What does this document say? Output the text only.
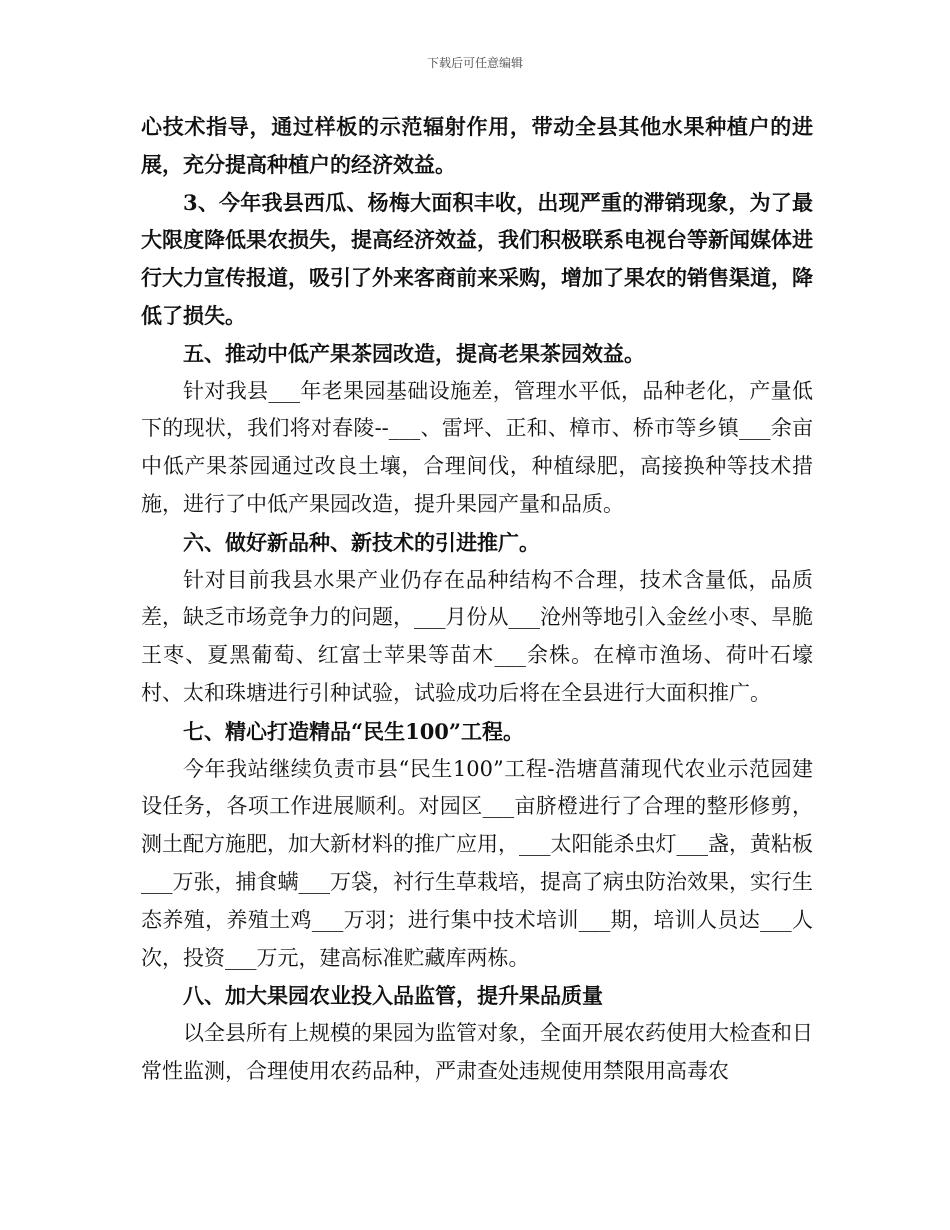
下载后可任意编辑

心技术指导，通过样板的示范辐射作用，带动全县其他水果种植户的进展，充分提高种植户的经济效益。

3、今年我县西瓜、杨梅大面积丰收，出现严重的滞销现象，为了最大限度降低果农损失，提高经济效益，我们积极联系电视台等新闻媒体进行大力宣传报道，吸引了外来客商前来采购，增加了果农的销售渠道，降低了损失。

五、推动中低产果茶园改造，提高老果茶园效益。

针对我县___年老果园基础设施差，管理水平低，品种老化，产量低下的现状，我们将对春陵--___、雷坪、正和、樟市、桥市等乡镇___余亩中低产果茶园通过改良土壤，合理间伐，种植绿肥，高接换种等技术措施，进行了中低产果园改造，提升果园产量和品质。

六、做好新品种、新技术的引进推广。

针对目前我县水果产业仍存在品种结构不合理，技术含量低，品质差，缺乏市场竞争力的问题，___月份从___沧州等地引入金丝小枣、旱脆王枣、夏黑葡萄、红富士苹果等苗木___余株。在樟市渔场、荷叶石壕村、太和珠塘进行引种试验，试验成功后将在全县进行大面积推广。

七、精心打造精品“民生100”工程。

今年我站继续负责市县“民生100”工程-浩塘菖蒲现代农业示范园建设任务，各项工作进展顺利。对园区___亩脐橙进行了合理的整形修剪，测土配方施肥，加大新材料的推广应用，___太阳能杀虫灯___盏，黄粘板___万张，捕食螨___万袋，衬行生草栽培，提高了病虫防治效果，实行生态养殖，养殖土鸡___万羽；进行集中技术培训___期，培训人员达___人次，投资___万元，建高标准贮藏库两栋。

八、加大果园农业投入品监管，提升果品质量

以全县所有上规模的果园为监管对象，全面开展农药使用大检查和日常性监测，合理使用农药品种，严肃查处违规使用禁限用高毒农
